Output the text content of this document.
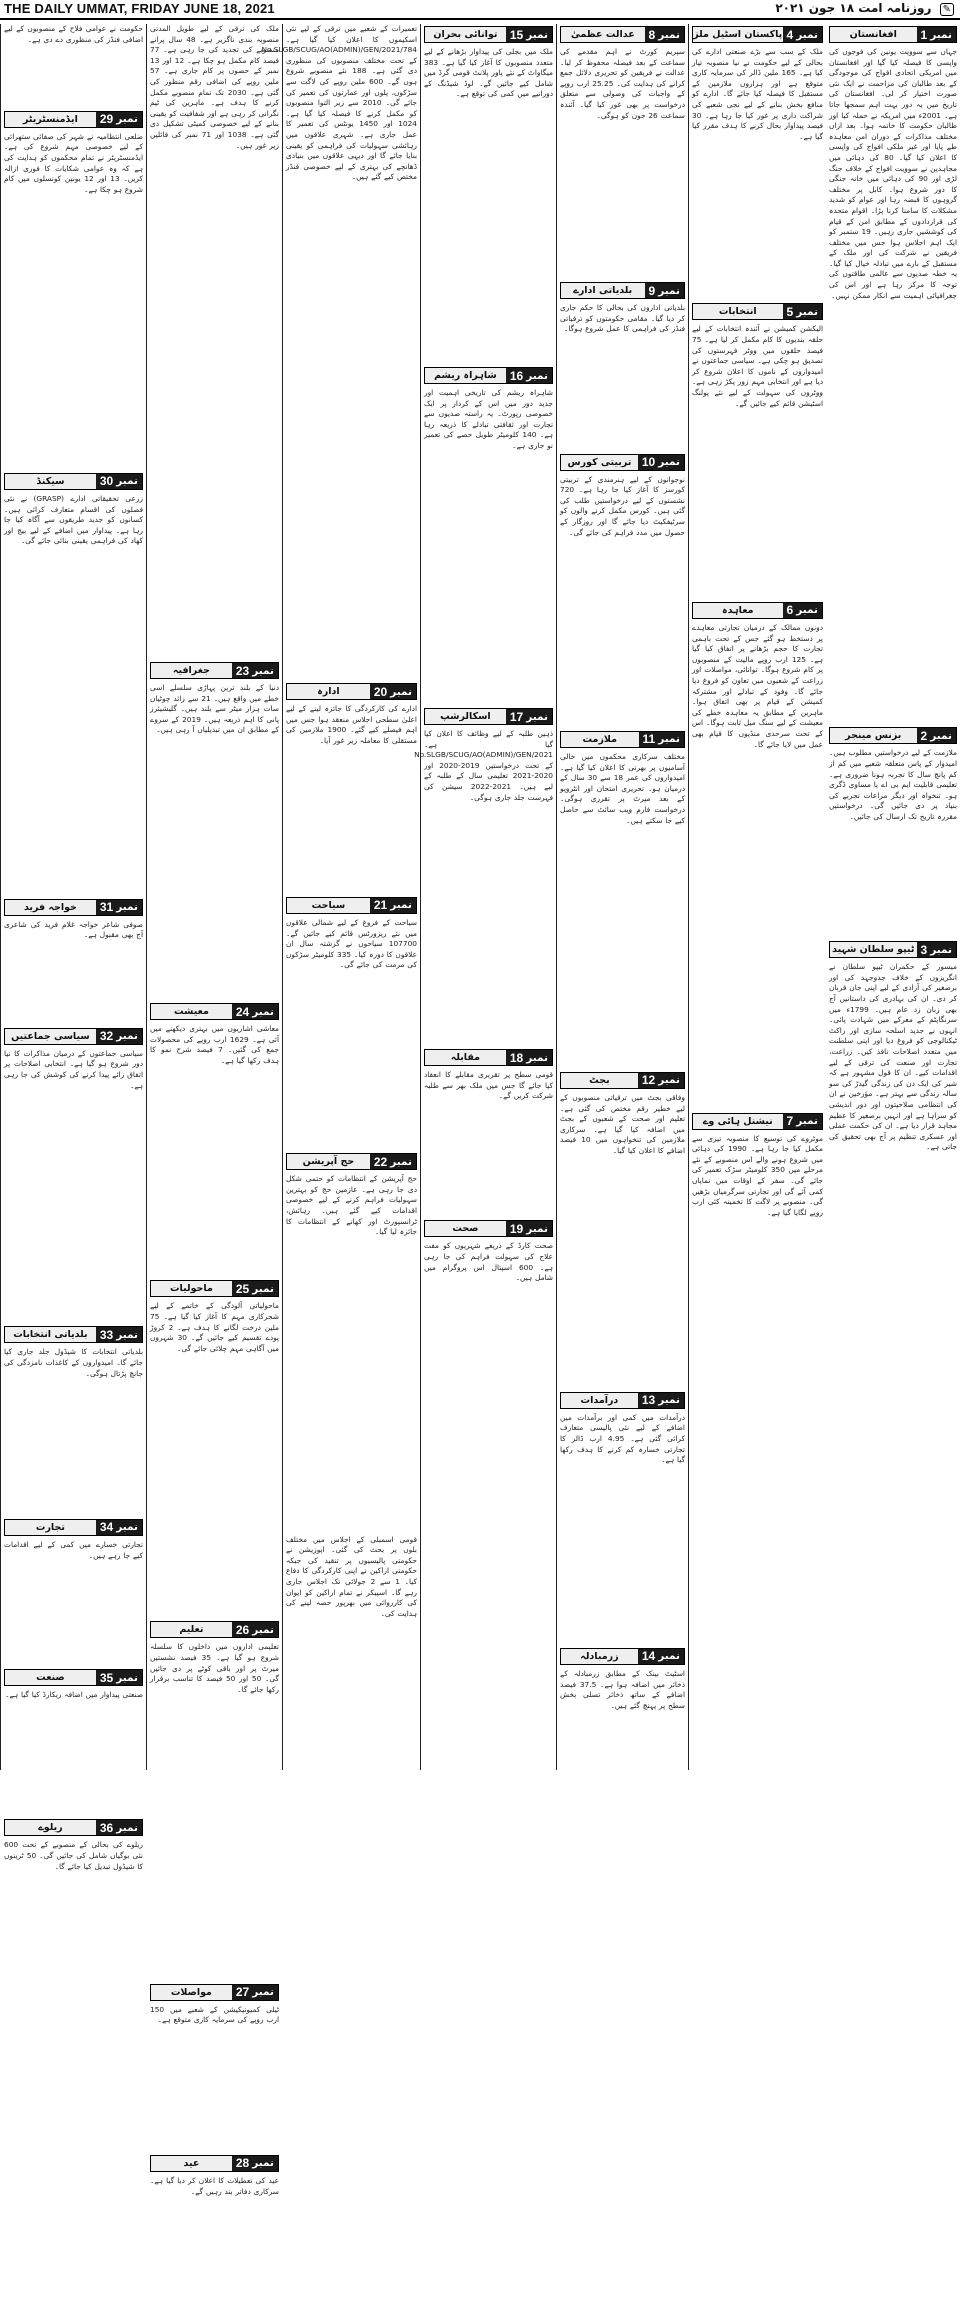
THE DAILY UMMAT, FRIDAY JUNE 18, 2021	✎ روزنامہ امت ۱۸ جون ۲۰۲۱
نمبر
1
افغانستان
جہاں سے سوویت یونین کی فوجوں کی واپسی کا فیصلہ کیا گیا اور افغانستان میں امریکی اتحادی افواج کی موجودگی کے بعد طالبان کی مزاحمت نے ایک نئی صورت اختیار کر لی۔ افغانستان کی تاریخ میں یہ دور بہت اہم سمجھا جاتا ہے۔ 2001ء میں امریکہ نے حملہ کیا اور طالبان حکومت کا خاتمہ ہوا۔ بعد ازاں مختلف مذاکرات کے دوران امن معاہدہ طے پایا اور غیر ملکی افواج کی واپسی کا اعلان کیا گیا۔ 80 کی دہائی میں مجاہدین نے سوویت افواج کے خلاف جنگ لڑی اور 90 کی دہائی میں خانہ جنگی کا دور شروع ہوا۔ کابل پر مختلف گروہوں کا قبضہ رہا اور عوام کو شدید مشکلات کا سامنا کرنا پڑا۔ اقوام متحدہ کی قراردادوں کے مطابق امن کے قیام کی کوششیں جاری رہیں۔ 19 ستمبر کو ایک اہم اجلاس ہوا جس میں مختلف فریقین نے شرکت کی اور ملک کے مستقبل کے بارے میں تبادلہ خیال کیا گیا۔ یہ خطہ صدیوں سے عالمی طاقتوں کی توجہ کا مرکز رہا ہے اور اس کی جغرافیائی اہمیت سے انکار ممکن نہیں۔
نمبر
2
بزنس مینجر
ملازمت کے لیے درخواستیں مطلوب ہیں۔ امیدوار کے پاس متعلقہ شعبے میں کم از کم پانچ سال کا تجربہ ہونا ضروری ہے۔ تعلیمی قابلیت ایم بی اے یا مساوی ڈگری ہو۔ تنخواہ اور دیگر مراعات تجربے کی بنیاد پر دی جائیں گی۔ درخواستیں مقررہ تاریخ تک ارسال کی جائیں۔
نمبر
3
ٹیپو سلطان شہید
میسور کے حکمران ٹیپو سلطان نے انگریزوں کے خلاف جدوجہد کی اور برصغیر کی آزادی کے لیے اپنی جان قربان کر دی۔ ان کی بہادری کی داستانیں آج بھی زبان زد عام ہیں۔ 1799ء میں سرنگاپٹم کے معرکے میں شہادت پائی۔ انہوں نے جدید اسلحہ سازی اور راکٹ ٹیکنالوجی کو فروغ دیا اور اپنی سلطنت میں متعدد اصلاحات نافذ کیں۔ زراعت، تجارت اور صنعت کی ترقی کے لیے اقدامات کیے۔ ان کا قول مشہور ہے کہ شیر کی ایک دن کی زندگی گیدڑ کی سو سالہ زندگی سے بہتر ہے۔ مؤرخین نے ان کی انتظامی صلاحیتوں اور دور اندیشی کو سراہا ہے اور انہیں برصغیر کا عظیم مجاہد قرار دیا ہے۔ ان کی حکمت عملی اور عسکری تنظیم پر آج بھی تحقیق کی جاتی ہے۔
نمبر
4
پاکستان اسٹیل ملز
ملک کے سب سے بڑے صنعتی ادارے کی بحالی کے لیے حکومت نے نیا منصوبہ تیار کیا ہے۔ 165 ملین ڈالر کی سرمایہ کاری متوقع ہے اور ہزاروں ملازمین کے مستقبل کا فیصلہ کیا جائے گا۔ ادارے کو منافع بخش بنانے کے لیے نجی شعبے کی شراکت داری پر غور کیا جا رہا ہے۔ 30 فیصد پیداوار بحال کرنے کا ہدف مقرر کیا گیا ہے۔
نمبر
5
انتخابات
الیکشن کمیشن نے آئندہ انتخابات کے لیے حلقہ بندیوں کا کام مکمل کر لیا ہے۔ 75 فیصد حلقوں میں ووٹر فہرستوں کی تصدیق ہو چکی ہے۔ سیاسی جماعتوں نے امیدواروں کے ناموں کا اعلان شروع کر دیا ہے اور انتخابی مہم زور پکڑ رہی ہے۔ ووٹروں کی سہولت کے لیے نئے پولنگ اسٹیشن قائم کیے جائیں گے۔
نمبر
6
معاہدہ
دونوں ممالک کے درمیان تجارتی معاہدے پر دستخط ہو گئے جس کے تحت باہمی تجارت کا حجم بڑھانے پر اتفاق کیا گیا ہے۔ 125 ارب روپے مالیت کے منصوبوں پر کام شروع ہوگا۔ توانائی، مواصلات اور زراعت کے شعبوں میں تعاون کو فروغ دیا جائے گا۔ وفود کے تبادلے اور مشترکہ کمیشن کے قیام پر بھی اتفاق ہوا۔ ماہرین کے مطابق یہ معاہدہ خطے کی معیشت کے لیے سنگ میل ثابت ہوگا۔ اس کے تحت سرحدی منڈیوں کا قیام بھی عمل میں لایا جائے گا۔
نمبر
7
نیشنل ہائی وے
موٹروے کی توسیع کا منصوبہ تیزی سے مکمل کیا جا رہا ہے۔ 1990 کی دہائی میں شروع ہونے والے اس منصوبے کے نئے مرحلے میں 350 کلومیٹر سڑک تعمیر کی جائے گی۔ سفر کے اوقات میں نمایاں کمی آئے گی اور تجارتی سرگرمیاں بڑھیں گی۔ منصوبے پر لاگت کا تخمینہ کئی ارب روپے لگایا گیا ہے۔
نمبر
8
عدالت عظمیٰ
سپریم کورٹ نے اہم مقدمے کی سماعت کے بعد فیصلہ محفوظ کر لیا۔ عدالت نے فریقین کو تحریری دلائل جمع کرانے کی ہدایت کی۔ 25.25 ارب روپے کے واجبات کی وصولی سے متعلق درخواست پر بھی غور کیا گیا۔ آئندہ سماعت 26 جون کو ہوگی۔
نمبر
9
بلدیاتی ادارے
بلدیاتی اداروں کی بحالی کا حکم جاری کر دیا گیا۔ مقامی حکومتوں کو ترقیاتی فنڈز کی فراہمی کا عمل شروع ہوگا۔
نمبر
10
تربیتی کورس
نوجوانوں کے لیے ہنرمندی کے تربیتی کورسز کا آغاز کیا جا رہا ہے۔ 720 نشستوں کے لیے درخواستیں طلب کی گئی ہیں۔ کورس مکمل کرنے والوں کو سرٹیفکیٹ دیا جائے گا اور روزگار کے حصول میں مدد فراہم کی جائے گی۔
نمبر
11
ملازمت
مختلف سرکاری محکموں میں خالی آسامیوں پر بھرتی کا اعلان کیا گیا ہے۔ امیدواروں کی عمر 18 سے 30 سال کے درمیان ہو۔ تحریری امتحان اور انٹرویو کے بعد میرٹ پر تقرری ہوگی۔ درخواست فارم ویب سائٹ سے حاصل کیے جا سکتے ہیں۔
نمبر
12
بجٹ
وفاقی بجٹ میں ترقیاتی منصوبوں کے لیے خطیر رقم مختص کی گئی ہے۔ تعلیم اور صحت کے شعبوں کے بجٹ میں اضافہ کیا گیا ہے۔ سرکاری ملازمین کی تنخواہوں میں 10 فیصد اضافے کا اعلان کیا گیا۔
نمبر
13
درآمدات
درآمدات میں کمی اور برآمدات میں اضافے کے لیے نئی پالیسی متعارف کرائی گئی ہے۔ 4.95 ارب ڈالر کا تجارتی خسارہ کم کرنے کا ہدف رکھا گیا ہے۔
نمبر
14
زرمبادلہ
اسٹیٹ بینک کے مطابق زرمبادلہ کے ذخائر میں اضافہ ہوا ہے۔ 37.5 فیصد اضافے کے ساتھ ذخائر تسلی بخش سطح پر پہنچ گئے ہیں۔
نمبر
15
توانائی بحران
ملک میں بجلی کی پیداوار بڑھانے کے لیے متعدد منصوبوں کا آغاز کیا گیا ہے۔ 383 میگاواٹ کے نئے پاور پلانٹ قومی گرڈ میں شامل کیے جائیں گے۔ لوڈ شیڈنگ کے دورانیے میں کمی کی توقع ہے۔
نمبر
16
شاہراہ ریشم
شاہراہ ریشم کی تاریخی اہمیت اور جدید دور میں اس کے کردار پر ایک خصوصی رپورٹ۔ یہ راستہ صدیوں سے تجارت اور ثقافتی تبادلے کا ذریعہ رہا ہے۔ 140 کلومیٹر طویل حصے کی تعمیر نو جاری ہے۔
نمبر
17
اسکالرشپ
ذہین طلبہ کے لیے وظائف کا اعلان کیا گیا ہے۔ No.SLGB/SCUG/AO(ADMIN)/GEN/2021 کے تحت درخواستیں 2019-2020 اور 2020-2021 تعلیمی سال کے طلبہ کے لیے ہیں۔ 2021-2022 سیشن کی فہرست جلد جاری ہوگی۔
نمبر
18
مقابلہ
قومی سطح پر تقریری مقابلے کا انعقاد کیا جائے گا جس میں ملک بھر سے طلبہ شرکت کریں گے۔
نمبر
19
صحت
صحت کارڈ کے ذریعے شہریوں کو مفت علاج کی سہولت فراہم کی جا رہی ہے۔ 600 اسپتال اس پروگرام میں شامل ہیں۔
تعمیرات کے شعبے میں ترقی کے لیے نئی اسکیموں کا اعلان کیا گیا ہے۔ No.SLGB/SCUG/AO(ADMIN)/GEN/2021/784 کے تحت مختلف منصوبوں کی منظوری دی گئی ہے۔ 188 نئے منصوبے شروع ہوں گے۔ 600 ملین روپے کی لاگت سے سڑکوں، پلوں اور عمارتوں کی تعمیر کی جائے گی۔ 2010 سے زیر التوا منصوبوں کو مکمل کرنے کا فیصلہ کیا گیا ہے۔ 1024 اور 1450 یونٹس کی تعمیر کا عمل جاری ہے۔ شہری علاقوں میں رہائشی سہولیات کی فراہمی کو یقینی بنایا جائے گا اور دیہی علاقوں میں بنیادی ڈھانچے کی بہتری کے لیے خصوصی فنڈز مختص کیے گئے ہیں۔
نمبر
20
ادارہ
ادارے کی کارکردگی کا جائزہ لینے کے لیے اعلیٰ سطحی اجلاس منعقد ہوا جس میں اہم فیصلے کیے گئے۔ 1900 ملازمین کی مستقلی کا معاملہ زیر غور آیا۔
نمبر
21
سیاحت
سیاحت کے فروغ کے لیے شمالی علاقوں میں نئے ریزورٹس قائم کیے جائیں گے۔ 107700 سیاحوں نے گزشتہ سال ان علاقوں کا دورہ کیا۔ 335 کلومیٹر سڑکوں کی مرمت کی جائے گی۔
نمبر
22
حج آپریشن
حج آپریشن کے انتظامات کو حتمی شکل دی جا رہی ہے۔ عازمین حج کو بہترین سہولیات فراہم کرنے کے لیے خصوصی اقدامات کیے گئے ہیں۔ رہائش، ٹرانسپورٹ اور کھانے کے انتظامات کا جائزہ لیا گیا۔
قومی اسمبلی کے اجلاس میں مختلف بلوں پر بحث کی گئی۔ اپوزیشن نے حکومتی پالیسیوں پر تنقید کی جبکہ حکومتی اراکین نے اپنی کارکردگی کا دفاع کیا۔ 1 سے 2 جولائی تک اجلاس جاری رہے گا۔ اسپیکر نے تمام اراکین کو ایوان کی کارروائی میں بھرپور حصہ لینے کی ہدایت کی۔
ملک کی ترقی کے لیے طویل المدتی منصوبہ بندی ناگزیر ہے۔ 48 سال پرانے منصوبے کی تجدید کی جا رہی ہے۔ 77 فیصد کام مکمل ہو چکا ہے۔ 12 اور 13 نمبر کے حصوں پر کام جاری ہے۔ 57 ملین روپے کی اضافی رقم منظور کی گئی ہے۔ 2030 تک تمام منصوبے مکمل کرنے کا ہدف ہے۔ ماہرین کی ٹیم نگرانی کر رہی ہے اور شفافیت کو یقینی بنانے کے لیے خصوصی کمیٹی تشکیل دی گئی ہے۔ 1038 اور 71 نمبر کی فائلیں زیر غور ہیں۔
نمبر
23
جغرافیہ
دنیا کے بلند ترین پہاڑی سلسلے اسی خطے میں واقع ہیں۔ 21 سے زائد چوٹیاں سات ہزار میٹر سے بلند ہیں۔ گلیشیئرز پانی کا اہم ذریعہ ہیں۔ 2019 کے سروے کے مطابق ان میں تبدیلیاں آ رہی ہیں۔
نمبر
24
معیشت
معاشی اشاریوں میں بہتری دیکھنے میں آئی ہے۔ 1629 ارب روپے کی محصولات جمع کی گئیں۔ 7 فیصد شرح نمو کا ہدف رکھا گیا ہے۔
نمبر
25
ماحولیات
ماحولیاتی آلودگی کے خاتمے کے لیے شجرکاری مہم کا آغاز کیا گیا ہے۔ 75 ملین درخت لگانے کا ہدف ہے۔ 2 کروڑ پودے تقسیم کیے جائیں گے۔ 30 شہروں میں آگاہی مہم چلائی جائے گی۔
نمبر
26
تعلیم
تعلیمی اداروں میں داخلوں کا سلسلہ شروع ہو گیا ہے۔ 35 فیصد نشستیں میرٹ پر اور باقی کوٹے پر دی جائیں گی۔ 50 اور 50 فیصد کا تناسب برقرار رکھا جائے گا۔
نمبر
27
مواصلات
ٹیلی کمیونیکیشن کے شعبے میں 150 ارب روپے کی سرمایہ کاری متوقع ہے۔
نمبر
28
عید
عید کی تعطیلات کا اعلان کر دیا گیا ہے۔ سرکاری دفاتر بند رہیں گے۔
حکومت نے عوامی فلاح کے منصوبوں کے لیے اضافی فنڈز کی منظوری دے دی ہے۔
نمبر
29
ایڈمنسٹریٹر
ضلعی انتظامیہ نے شہر کی صفائی ستھرائی کے لیے خصوصی مہم شروع کی ہے۔ ایڈمنسٹریٹر نے تمام محکموں کو ہدایت کی ہے کہ وہ عوامی شکایات کا فوری ازالہ کریں۔ 13 اور 12 یونین کونسلوں میں کام شروع ہو چکا ہے۔
نمبر
30
سیکنڈ
زرعی تحقیقاتی ادارے (GRASP) نے نئی فصلوں کی اقسام متعارف کرائی ہیں۔ کسانوں کو جدید طریقوں سے آگاہ کیا جا رہا ہے۔ پیداوار میں اضافے کے لیے بیج اور کھاد کی فراہمی یقینی بنائی جائے گی۔
نمبر
31
خواجہ فرید
صوفی شاعر خواجہ غلام فرید کی شاعری آج بھی مقبول ہے۔
نمبر
32
سیاسی جماعتیں
سیاسی جماعتوں کے درمیان مذاکرات کا نیا دور شروع ہو گیا ہے۔ انتخابی اصلاحات پر اتفاق رائے پیدا کرنے کی کوشش کی جا رہی ہے۔
نمبر
33
بلدیاتی انتخابات
بلدیاتی انتخابات کا شیڈول جلد جاری کیا جائے گا۔ امیدواروں کے کاغذات نامزدگی کی جانچ پڑتال ہوگی۔
نمبر
34
تجارت
تجارتی خسارے میں کمی کے لیے اقدامات کیے جا رہے ہیں۔
نمبر
35
صنعت
صنعتی پیداوار میں اضافہ ریکارڈ کیا گیا ہے۔
نمبر
36
ریلوے
ریلوے کی بحالی کے منصوبے کے تحت 600 نئی بوگیاں شامل کی جائیں گی۔ 50 ٹرینوں کا شیڈول تبدیل کیا جائے گا۔
